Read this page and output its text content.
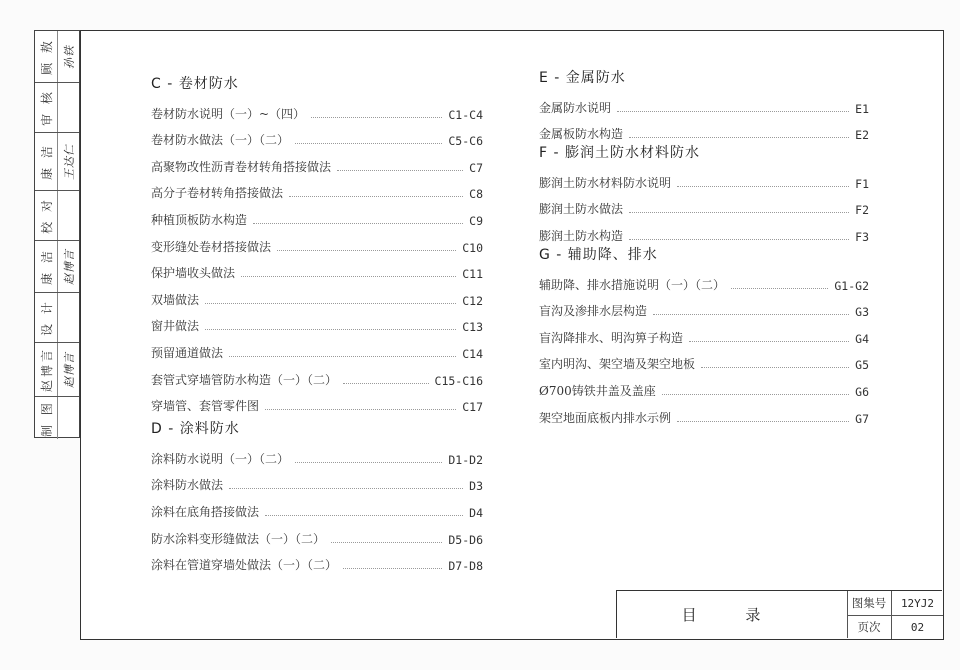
顾 敖 孙铁
审 核
康 洁 王达仁
校 对
康 洁 赵博言
设 计
赵博言 赵博言
制 图
C - 卷材防水
卷材防水说明（一）~（四）	C1-C4
卷材防水做法（一）（二）	C5-C6
高聚物改性沥青卷材转角搭接做法	C7
高分子卷材转角搭接做法	C8
种植顶板防水构造	C9
变形缝处卷材搭接做法	C10
保护墙收头做法	C11
双墙做法	C12
窗井做法	C13
预留通道做法	C14
套管式穿墙管防水构造（一）（二）	C15-C16
穿墙管、套管零件图	C17
D - 涂料防水
涂料防水说明（一）（二）	D1-D2
涂料防水做法	D3
涂料在底角搭接做法	D4
防水涂料变形缝做法（一）（二）	D5-D6
涂料在管道穿墙处做法（一）（二）	D7-D8
E - 金属防水
金属防水说明	E1
金属板防水构造	E2
F - 膨润土防水材料防水
膨润土防水材料防水说明	F1
膨润土防水做法	F2
膨润土防水构造	F3
G - 辅助降、排水
辅助降、排水措施说明（一）（二）	G1-G2
盲沟及渗排水层构造	G3
盲沟降排水、明沟箅子构造	G4
室内明沟、架空墙及架空地板	G5
Ø700铸铁井盖及盖座	G6
架空地面底板内排水示例	G7
目 录
图集号	12YJ2
页次	02
